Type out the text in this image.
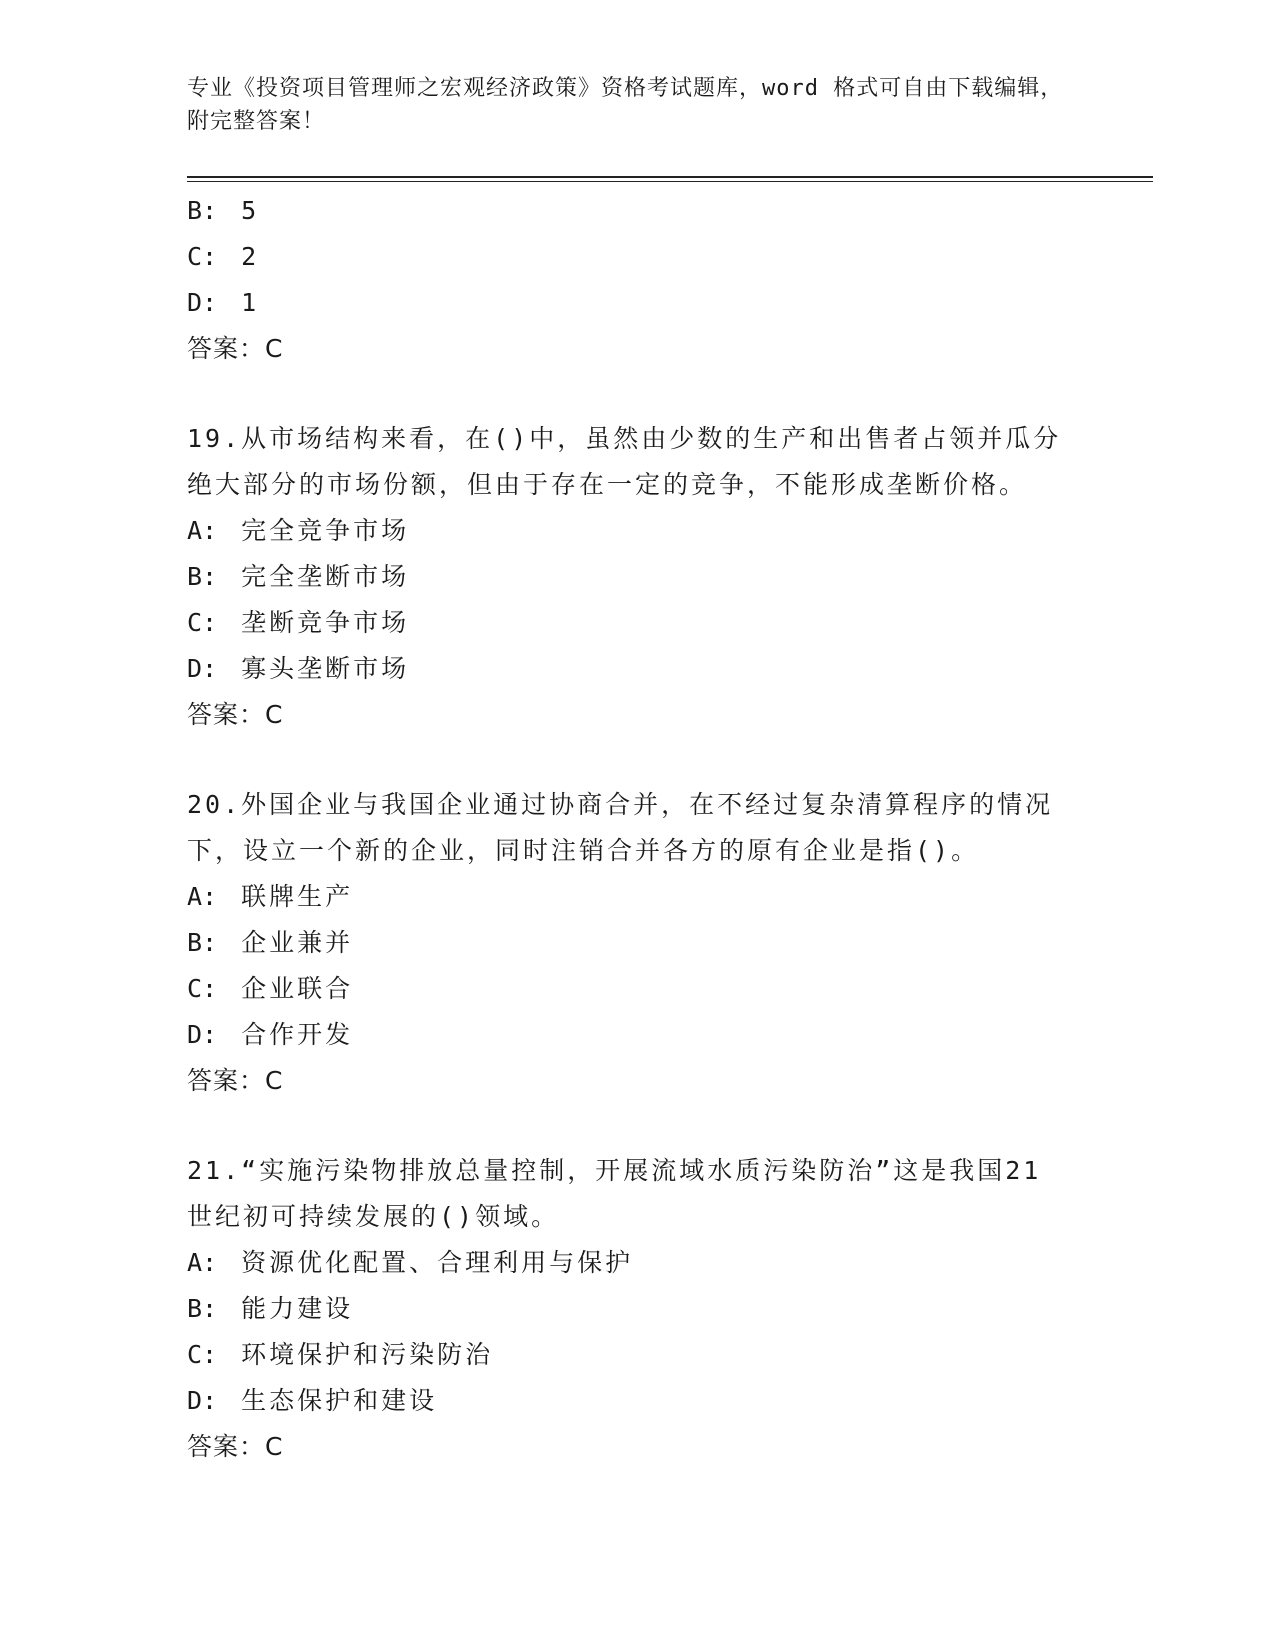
专业《投资项目管理师之宏观经济政策》资格考试题库，word 格式可自由下载编辑，附完整答案！
B: 5
C: 2
D: 1
答案：C
19.从市场结构来看，在()中，虽然由少数的生产和出售者占领并瓜分
绝大部分的市场份额，但由于存在一定的竞争，不能形成垄断价格。
A: 完全竞争市场
B: 完全垄断市场
C: 垄断竞争市场
D: 寡头垄断市场
答案：C
20.外国企业与我国企业通过协商合并，在不经过复杂清算程序的情况
下，设立一个新的企业，同时注销合并各方的原有企业是指()。
A: 联牌生产
B: 企业兼并
C: 企业联合
D: 合作开发
答案：C
21.“实施污染物排放总量控制，开展流域水质污染防治”这是我国21
世纪初可持续发展的()领域。
A: 资源优化配置、合理利用与保护
B: 能力建设
C: 环境保护和污染防治
D: 生态保护和建设
答案：C
